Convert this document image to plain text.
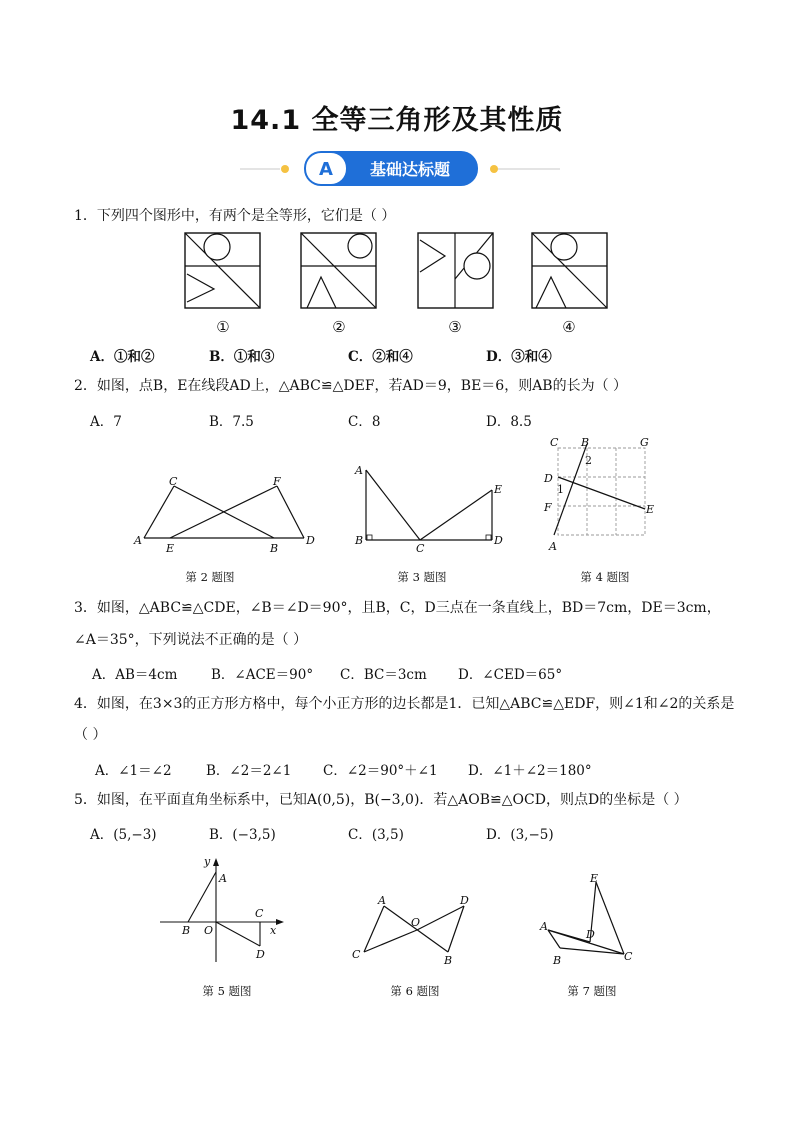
14.1 全等三角形及其性质
A 基础达标题
1．下列四个图形中，有两个是全等形，它们是（ ）
①	②	③	④
A．①和②	B．①和③	C．②和④	D．③和④
2．如图，点B，E在线段AD上，△ABC≌△DEF，若AD＝9，BE＝6，则AB的长为（ ）
A．7	B．7.5	C．8	D．8.5
C	F
A
E	B
D
第 2 题图
A
E
B
C
D
第 3 题图
C B	G
2
D
1
F	E
A
第 4 题图
3．如图，△ABC≌△CDE，∠B＝∠D＝90°，且B，C，D三点在一条直线上，BD＝7cm，DE＝3cm，
∠A＝35°，下列说法不正确的是（ ）
A．AB＝4cm B．∠ACE＝90° C．BC＝3cm D．∠CED＝65°
4．如图，在3×3的正方形方格中，每个小正方形的边长都是1．已知△ABC≌△EDF，则∠1和∠2的关系是
（ ）
A．∠1＝∠2	B．∠2＝2∠1 C．∠2＝90°＋∠1 D．∠1＋∠2＝180°
5．如图，在平面直角坐标系中，已知A(0,5)，B(−3,0)．若△AOB≌△OCD，则点D的坐标是（ ）
A．(5,−3)	B．(−3,5)	C．(3,5)	D．(3,−5)
y
A
C
x
B O
D
第 5 题图
A
O
D
C	B
第 6 题图
E
A
D
B	C
第 7 题图
